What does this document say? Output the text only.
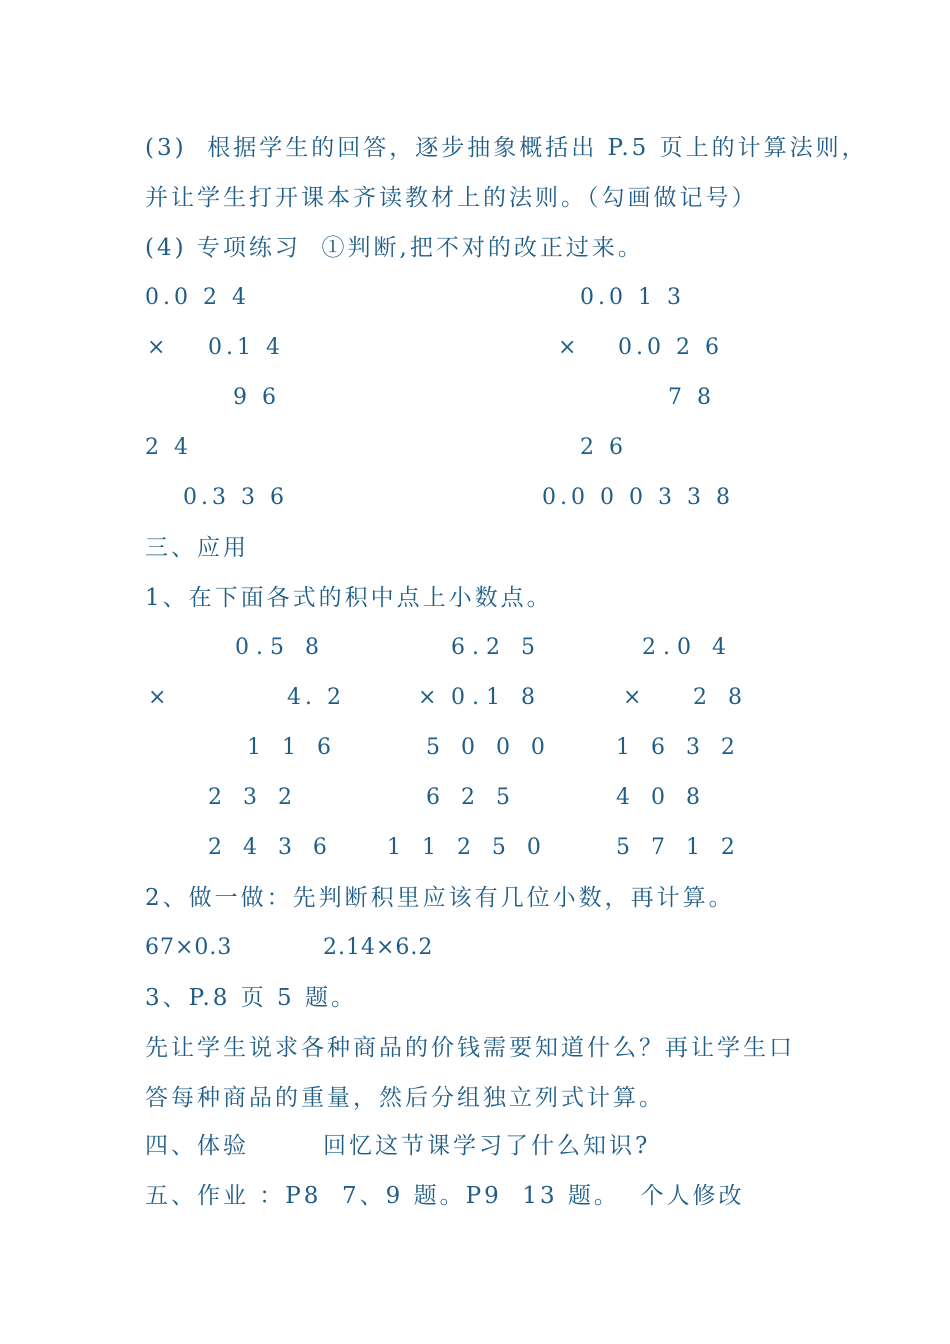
(3)  根据学生的回答，逐步抽象概括出 P.5 页上的计算法则，
并让学生打开课本齐读教材上的法则。（勾画做记号）
(4) 专项练习  ①判断,把不对的改正过来。
0.0 2 4
× 0.1 4
9 6
2 4
0.3 3 6
0.0 1 3
× 0.0 2 6
7 8
2 6
0.0 0 0 3 3 8
三、应用
1、在下面各式的积中点上小数点。
0 . 5   8
×	4. 2
1   1   6
2   3   2
2   4   3   6
6 . 2   5
× 0 . 1   8
5   0   0   0
6   2   5
1   1   2   5   0
2 . 0   4
× 2   8
1   6   3   2
4   0   8
5   7   1   2
2、做一做：先判断积里应该有几位小数，再计算。
67×0.3	2.14×6.2
3、P.8 页 5 题。
先让学生说求各种商品的价钱需要知道什么？再让学生口
答每种商品的重量，然后分组独立列式计算。
四、体验	回忆这节课学习了什么知识?
五、作业 ：P8  7、9 题。P9  13 题。  个人修改
